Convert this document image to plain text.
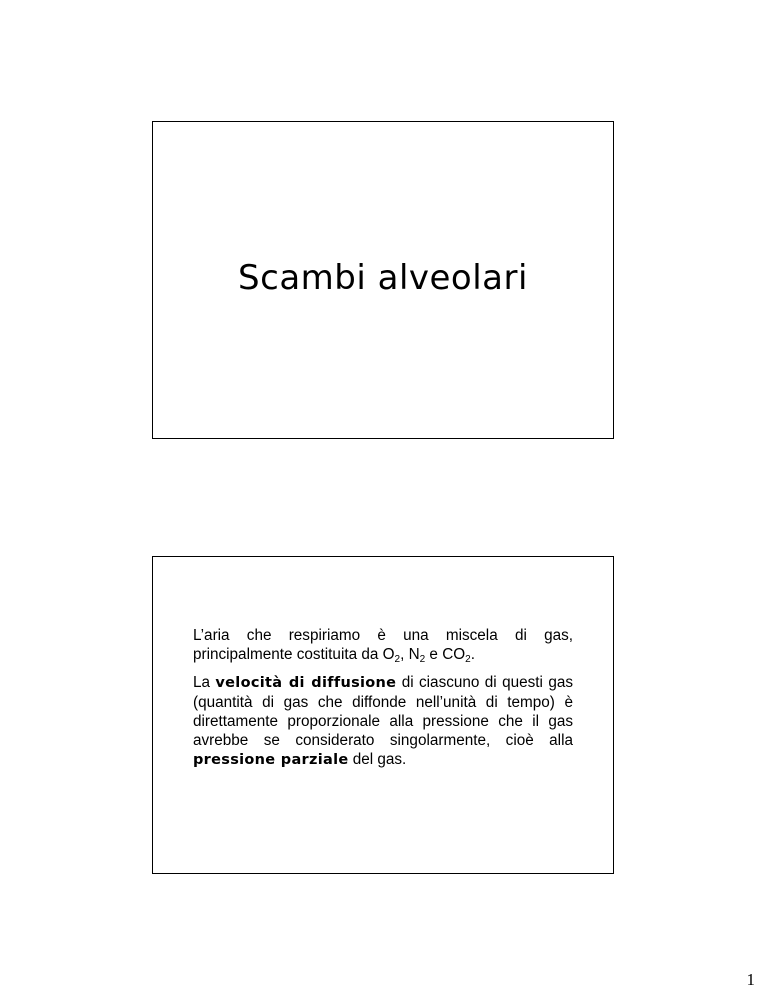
Scambi alveolari

L’aria che respiriamo è una miscela di gas, principalmente costituita da $O_2$, $N_2$ e $CO_2$.

La velocità di diffusione di ciascuno di questi gas (quantità di gas che diffonde nell’unità di tempo) è direttamente proporzionale alla pressione che il gas avrebbe se considerato singolarmente, cioè alla pressione parziale del gas.

1
